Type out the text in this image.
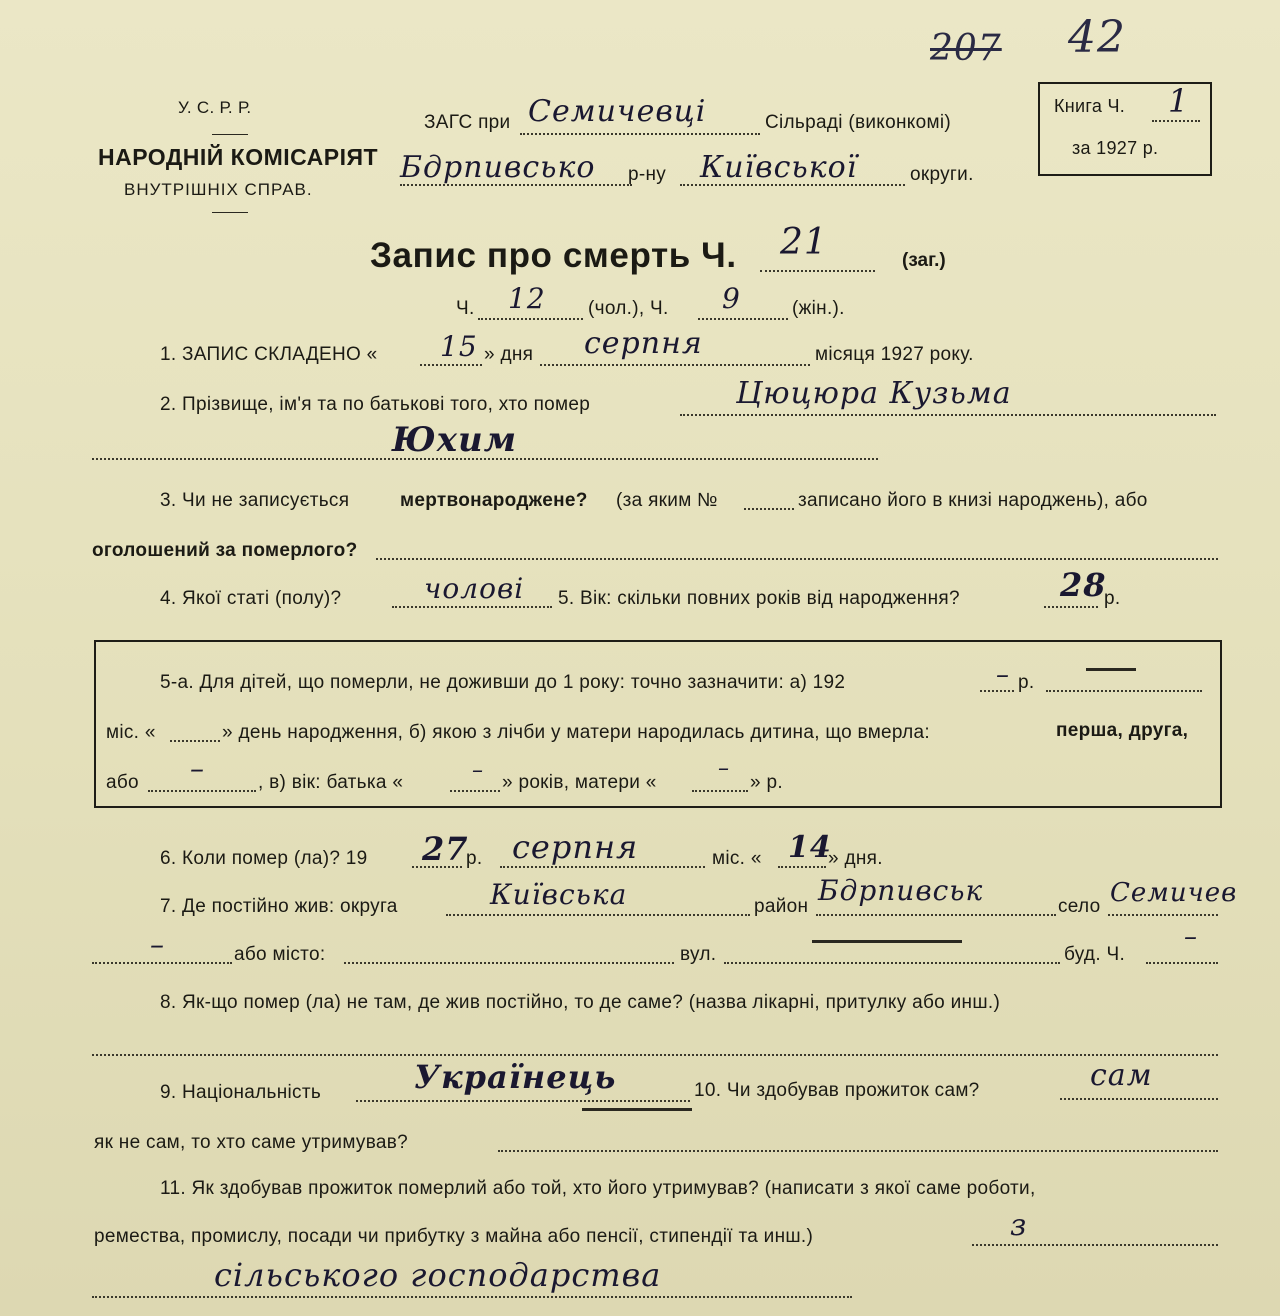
207 42
У. С. Р. Р.
НАРОДНІЙ КОМІСАРІЯТ
ВНУТРІШНІХ СПРАВ.
ЗАГС при Семичевці	Сільраді (виконкомі)
Бдрпивсько р-ну Київської	округи.
Книга Ч. 1
за 1927 р.
Запис про смерть Ч. 21	(заг.)
Ч. 12 (чол.), Ч. 9	(жін.).
1. ЗАПИС СКЛАДЕНО « 15 » дня серпня	місяця 1927 року.
2. Прізвище, ім'я та по батькові того, хто помер	Цюцюра Кузьма
Юхим
3. Чи не записується	мертвонароджене? (за яким №	записано його в книзі народжень), або
оголошений за померлого?
4. Якої статі (полу)?	чолові 5. Вік: скільки повних років від народження?	28
р.
5-а. Для дітей, що померли, не доживши до 1 року: точно зазначити: а) 192	– р.
міс. «	» день народження, б) якою з лічби у матери народилась дитина, що вмерла:	перша, друга,
або –	, в) вік: батька «	– » років, матери «
–
» р.
6. Коли помер (ла)? 19 27
р. серпня	міс. « 14
» дня.
7. Де постійно жив: округа	Київська	район Бдрпивськ	село Семичев
–	або місто:	вул.	буд. Ч.
–
8. Як-що помер (ла) не там, де жив постійно, то де саме? (назва лікарні, притулку або инш.)
9. Національність	Українець	10. Чи здобував прожиток сам?	сам
як не сам, то хто саме утримував?
11. Як здобував прожиток померлий або той, хто його утримував? (написати з якої саме роботи,
ремества, промислу, посади чи прибутку з майна або пенсії, стипендії та инш.)	з
сільського господарства
